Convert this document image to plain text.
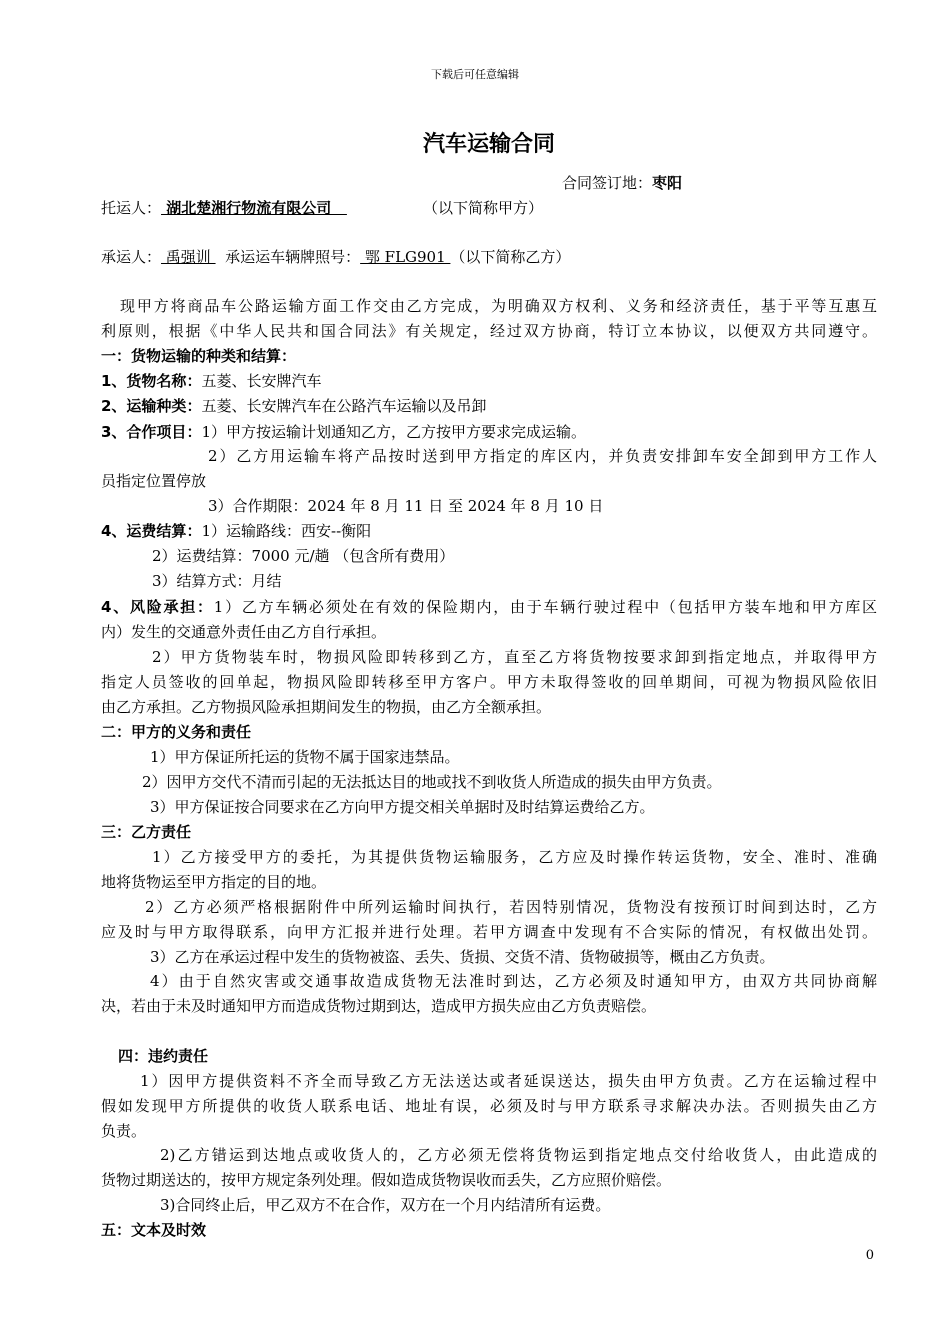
下载后可任意编辑
汽车运输合同
合同签订地：枣阳
托运人： 湖北楚湘行物流有限公司	（以下简称甲方）
承运人： 禹强训   承运运车辆牌照号： 鄂 FLG901 （以下简称乙方）
现甲方将商品车公路运输方面工作交由乙方完成，为明确双方权利、义务和经济责任，基于平等互惠互
利原则，根据《中华人民共和国合同法》有关规定，经过双方协商，特订立本协议，以便双方共同遵守。
一：货物运输的种类和结算：
1、货物名称：五菱、长安牌汽车
2、运输种类：五菱、长安牌汽车在公路汽车运输以及吊卸
3、合作项目：1）甲方按运输计划通知乙方，乙方按甲方要求完成运输。
2）乙方用运输车将产品按时送到甲方指定的库区内，并负责安排卸车安全卸到甲方工作人
员指定位置停放
3）合作期限：2024 年 8 月 11 日 至 2024 年 8 月 10 日
4、运费结算：1）运输路线：西安--衡阳
2）运费结算：7000 元/趟 （包含所有费用）
3）结算方式：月结
4、风险承担：1）乙方车辆必须处在有效的保险期内，由于车辆行驶过程中（包括甲方装车地和甲方库区
内）发生的交通意外责任由乙方自行承担。
2）甲方货物装车时，物损风险即转移到乙方，直至乙方将货物按要求卸到指定地点，并取得甲方
指定人员签收的回单起，物损风险即转移至甲方客户。甲方未取得签收的回单期间，可视为物损风险依旧
由乙方承担。乙方物损风险承担期间发生的物损，由乙方全额承担。
二：甲方的义务和责任
1）甲方保证所托运的货物不属于国家违禁品。
2）因甲方交代不清而引起的无法抵达目的地或找不到收货人所造成的损失由甲方负责。
3）甲方保证按合同要求在乙方向甲方提交相关单据时及时结算运费给乙方。
三：乙方责任
1）乙方接受甲方的委托，为其提供货物运输服务，乙方应及时操作转运货物，安全、准时、准确
地将货物运至甲方指定的目的地。
2）乙方必须严格根据附件中所列运输时间执行，若因特别情况，货物没有按预订时间到达时，乙方
应及时与甲方取得联系，向甲方汇报并进行处理。若甲方调查中发现有不合实际的情况，有权做出处罚。
3）乙方在承运过程中发生的货物被盗、丢失、货损、交货不清、货物破损等，概由乙方负责。
4）由于自然灾害或交通事故造成货物无法准时到达，乙方必须及时通知甲方，由双方共同协商解
决，若由于未及时通知甲方而造成货物过期到达，造成甲方损失应由乙方负责赔偿。
四：违约责任
1）因甲方提供资料不齐全而导致乙方无法送达或者延误送达，损失由甲方负责。乙方在运输过程中
假如发现甲方所提供的收货人联系电话、地址有误，必须及时与甲方联系寻求解决办法。否则损失由乙方
负责。
2)乙方错运到达地点或收货人的，乙方必须无偿将货物运到指定地点交付给收货人，由此造成的
货物过期送达的，按甲方规定条列处理。假如造成货物误收而丢失，乙方应照价赔偿。
3)合同终止后，甲乙双方不在合作，双方在一个月内结清所有运费。
五：文本及时效
0
